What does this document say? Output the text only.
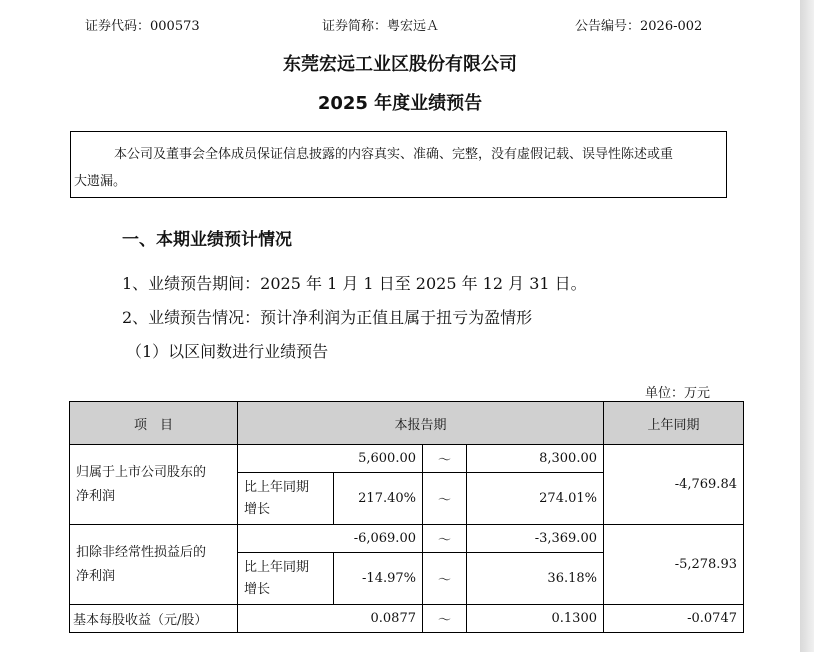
证券代码：000573	证券简称：粤宏远Ａ	公告编号：2026-002
东莞宏远工业区股份有限公司
2025 年度业绩预告
本公司及董事会全体成员保证信息披露的内容真实、准确、完整，没有虚假记载、误导性陈述或重
大遗漏。
一、本期业绩预计情况
1、业绩预告期间：2025 年 1 月 1 日至 2025 年 12 月 31 日。
2、业绩预告情况：预计净利润为正值且属于扭亏为盈情形
（1）以区间数进行业绩预告
单位：万元
项　目	本报告期				上年同期

归属于上市公司股东的
净利润	5,600.00		～	8,300.00	-4,769.84

	比上年同期
增长	217.40%	～	274.01%	

扣除非经常性损益后的
净利润	-6,069.00		～	-3,369.00	-5,278.93

	比上年同期
增长	-14.97%	～	36.18%	
基本每股收益（元/股）	0.0877		～	0.1300	-0.0747
